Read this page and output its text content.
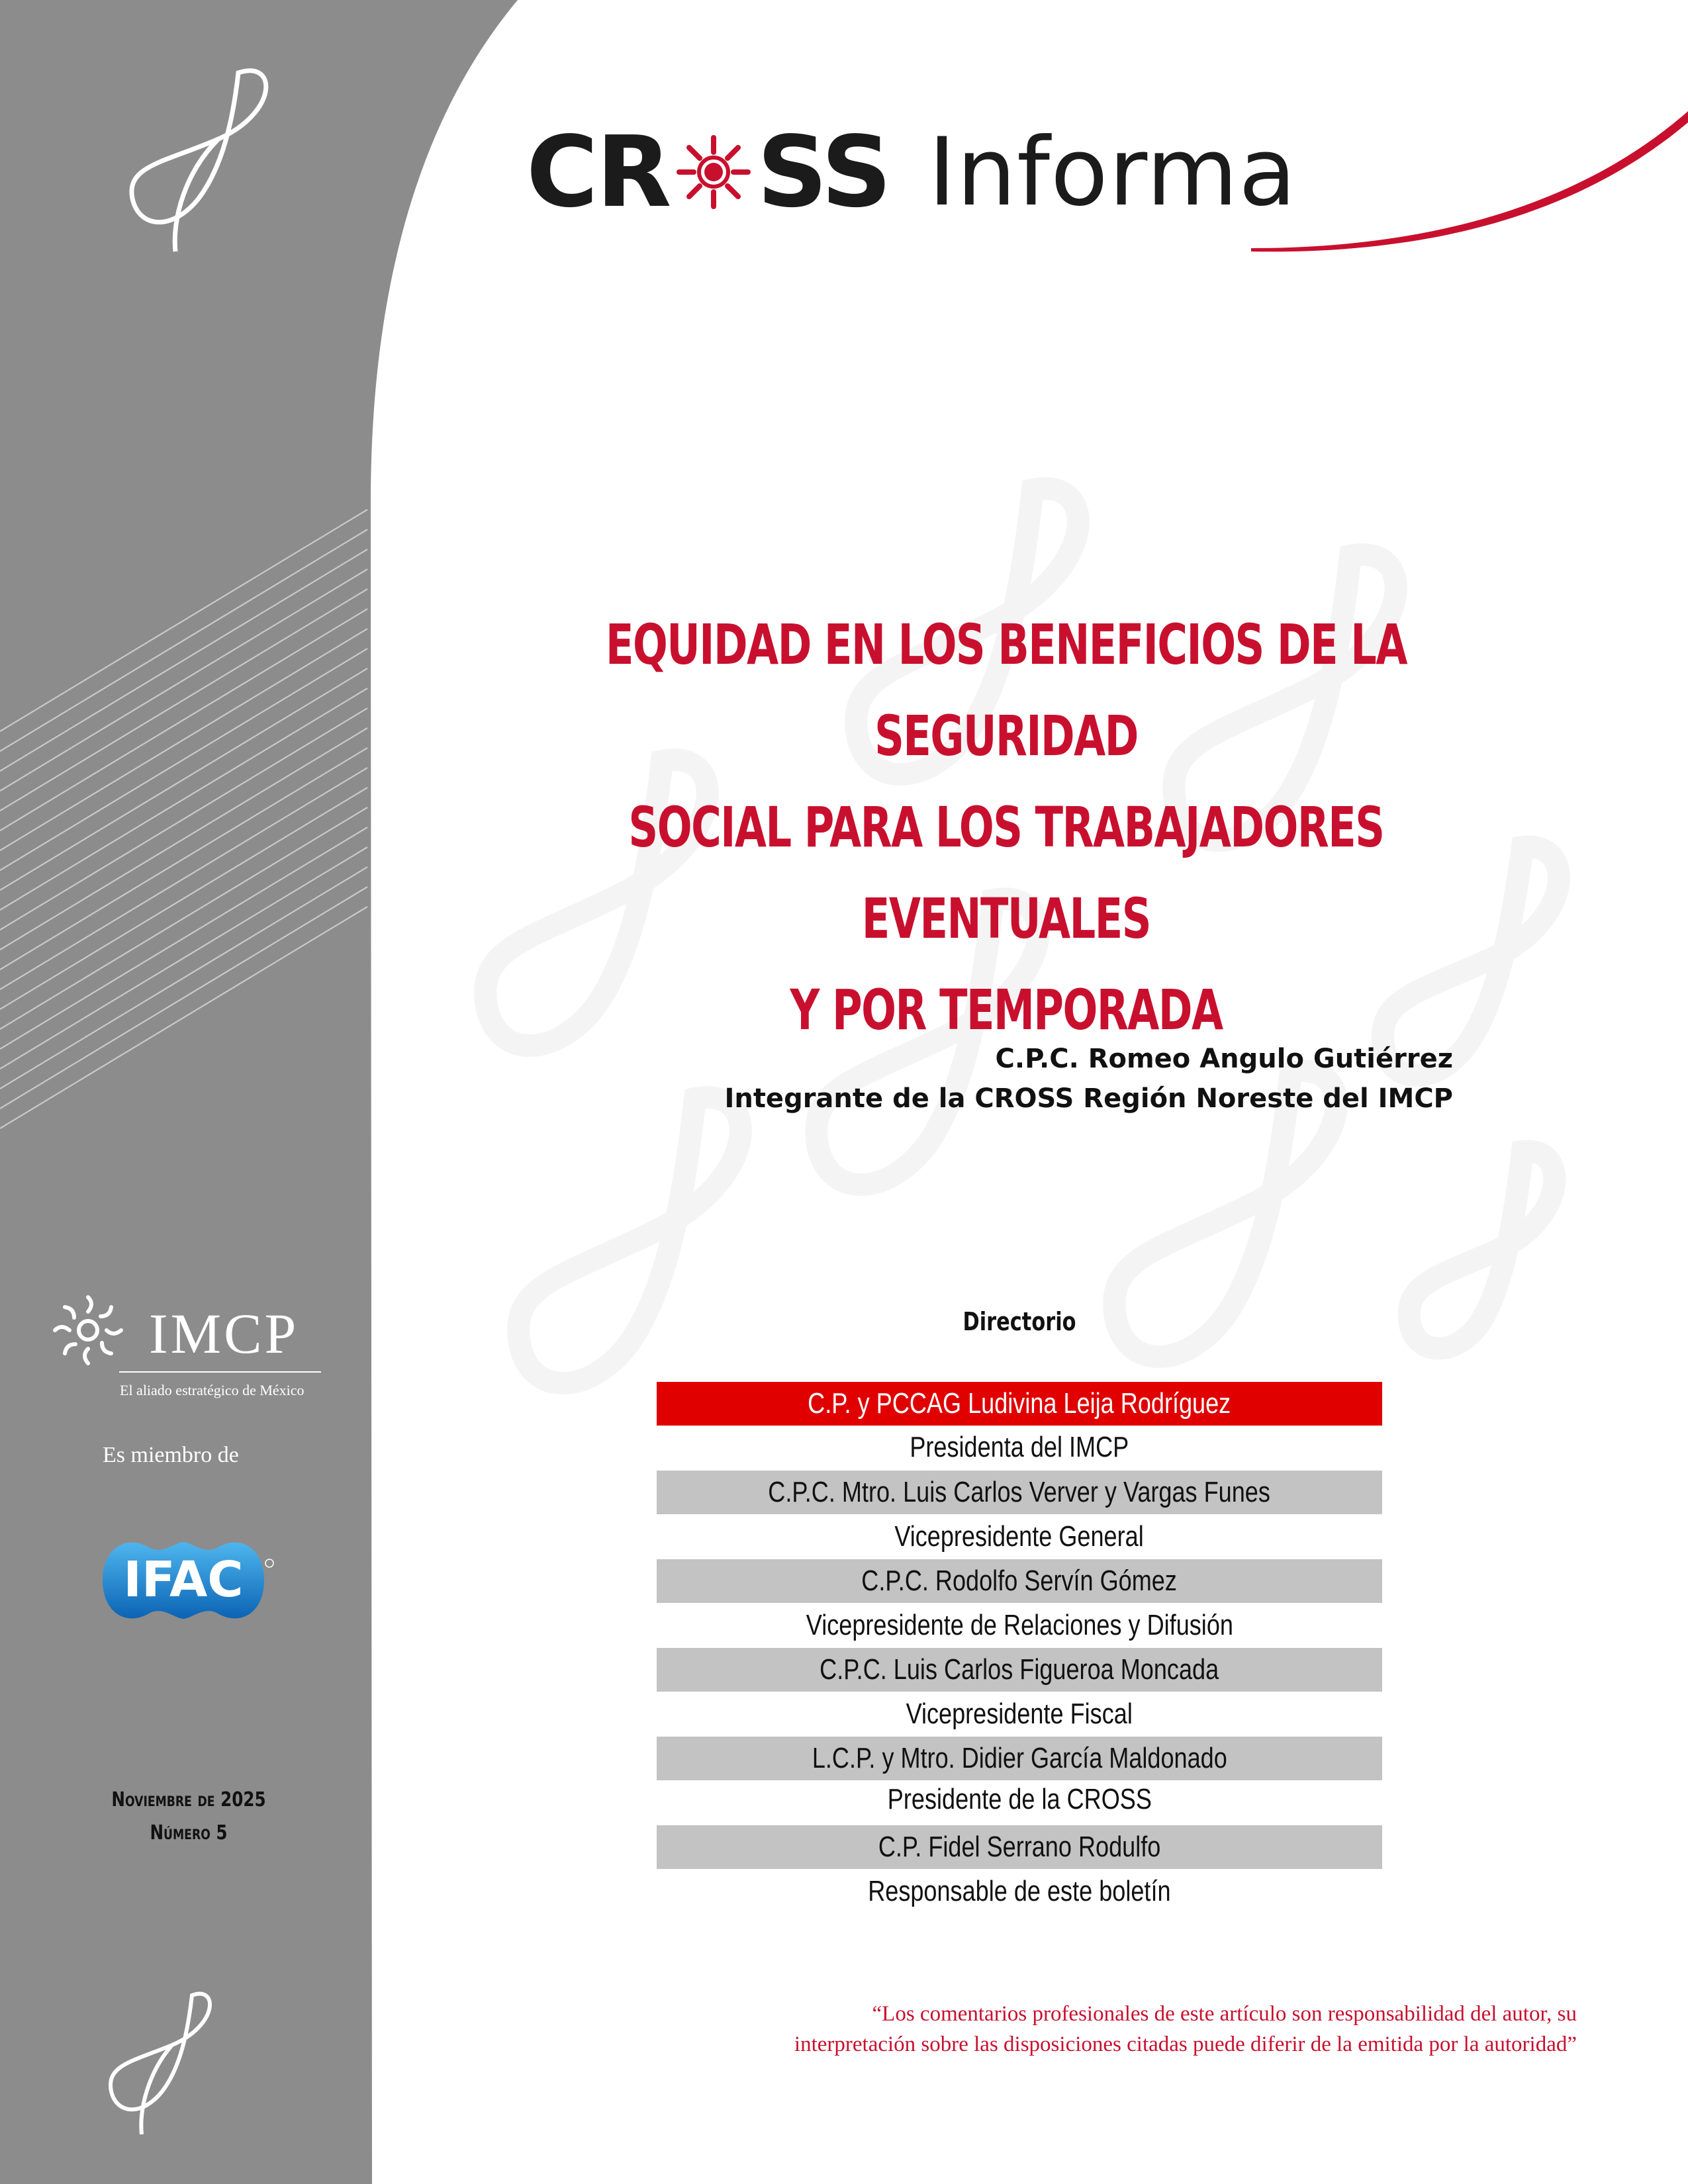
CR SS Informa
EQUIDAD EN LOS BENEFICIOS DE LA SEGURIDAD
SOCIAL PARA LOS TRABAJADORES EVENTUALES
Y POR TEMPORADA
C.P.C. Romeo Angulo Gutiérrez
Integrante de la CROSS Región Noreste del IMCP
Directorio
C.P. y PCCAG Ludivina Leija Rodríguez
Presidenta del IMCP
C.P.C. Mtro. Luis Carlos Verver y Vargas Funes
Vicepresidente General
C.P.C. Rodolfo Servín Gómez
Vicepresidente de Relaciones y Difusión
C.P.C. Luis Carlos Figueroa Moncada
Vicepresidente Fiscal
L.C.P. y Mtro. Didier García Maldonado
Presidente de la CROSS
C.P. Fidel Serrano Rodulfo
Responsable de este boletín
IMCP
El aliado estratégico de México
Es miembro de
IFAC
Noviembre de 2025
Número 5
“Los comentarios profesionales de este artículo son responsabilidad del autor, su
interpretación sobre las disposiciones citadas puede diferir de la emitida por la autoridad”
